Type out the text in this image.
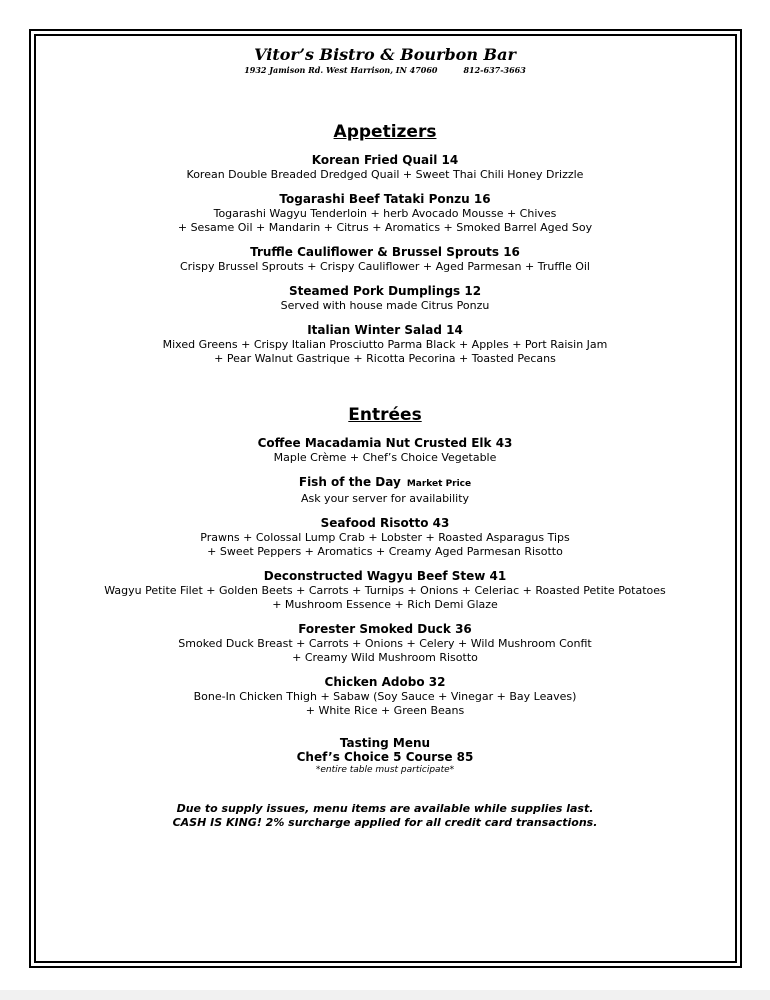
Vitor’s Bistro & Bourbon Bar
1932 Jamison Rd. West Harrison, IN 47060	812-637-3663
Appetizers
Korean Fried Quail 14
Korean Double Breaded Dredged Quail + Sweet Thai Chili Honey Drizzle
Togarashi Beef Tataki Ponzu 16
Togarashi Wagyu Tenderloin + herb Avocado Mousse + Chives
+ Sesame Oil + Mandarin + Citrus + Aromatics + Smoked Barrel Aged Soy
Truffle Cauliflower & Brussel Sprouts 16
Crispy Brussel Sprouts + Crispy Cauliflower + Aged Parmesan + Truffle Oil
Steamed Pork Dumplings 12
Served with house made Citrus Ponzu
Italian Winter Salad 14
Mixed Greens + Crispy Italian Prosciutto Parma Black + Apples + Port Raisin Jam
+ Pear Walnut Gastrique + Ricotta Pecorina + Toasted Pecans
Entrées
Coffee Macadamia Nut Crusted Elk 43
Maple Crème + Chef’s Choice Vegetable
Fish of the Day Market Price
Ask your server for availability
Seafood Risotto 43
Prawns + Colossal Lump Crab + Lobster + Roasted Asparagus Tips
+ Sweet Peppers + Aromatics + Creamy Aged Parmesan Risotto
Deconstructed Wagyu Beef Stew 41
Wagyu Petite Filet + Golden Beets + Carrots + Turnips + Onions + Celeriac + Roasted Petite Potatoes
+ Mushroom Essence + Rich Demi Glaze
Forester Smoked Duck 36
Smoked Duck Breast + Carrots + Onions + Celery + Wild Mushroom Confit
+ Creamy Wild Mushroom Risotto
Chicken Adobo 32
Bone-In Chicken Thigh + Sabaw (Soy Sauce + Vinegar + Bay Leaves)
+ White Rice + Green Beans
Tasting Menu
Chef’s Choice 5 Course 85
*entire table must participate*
Due to supply issues, menu items are available while supplies last.
CASH IS KING! 2% surcharge applied for all credit card transactions.
